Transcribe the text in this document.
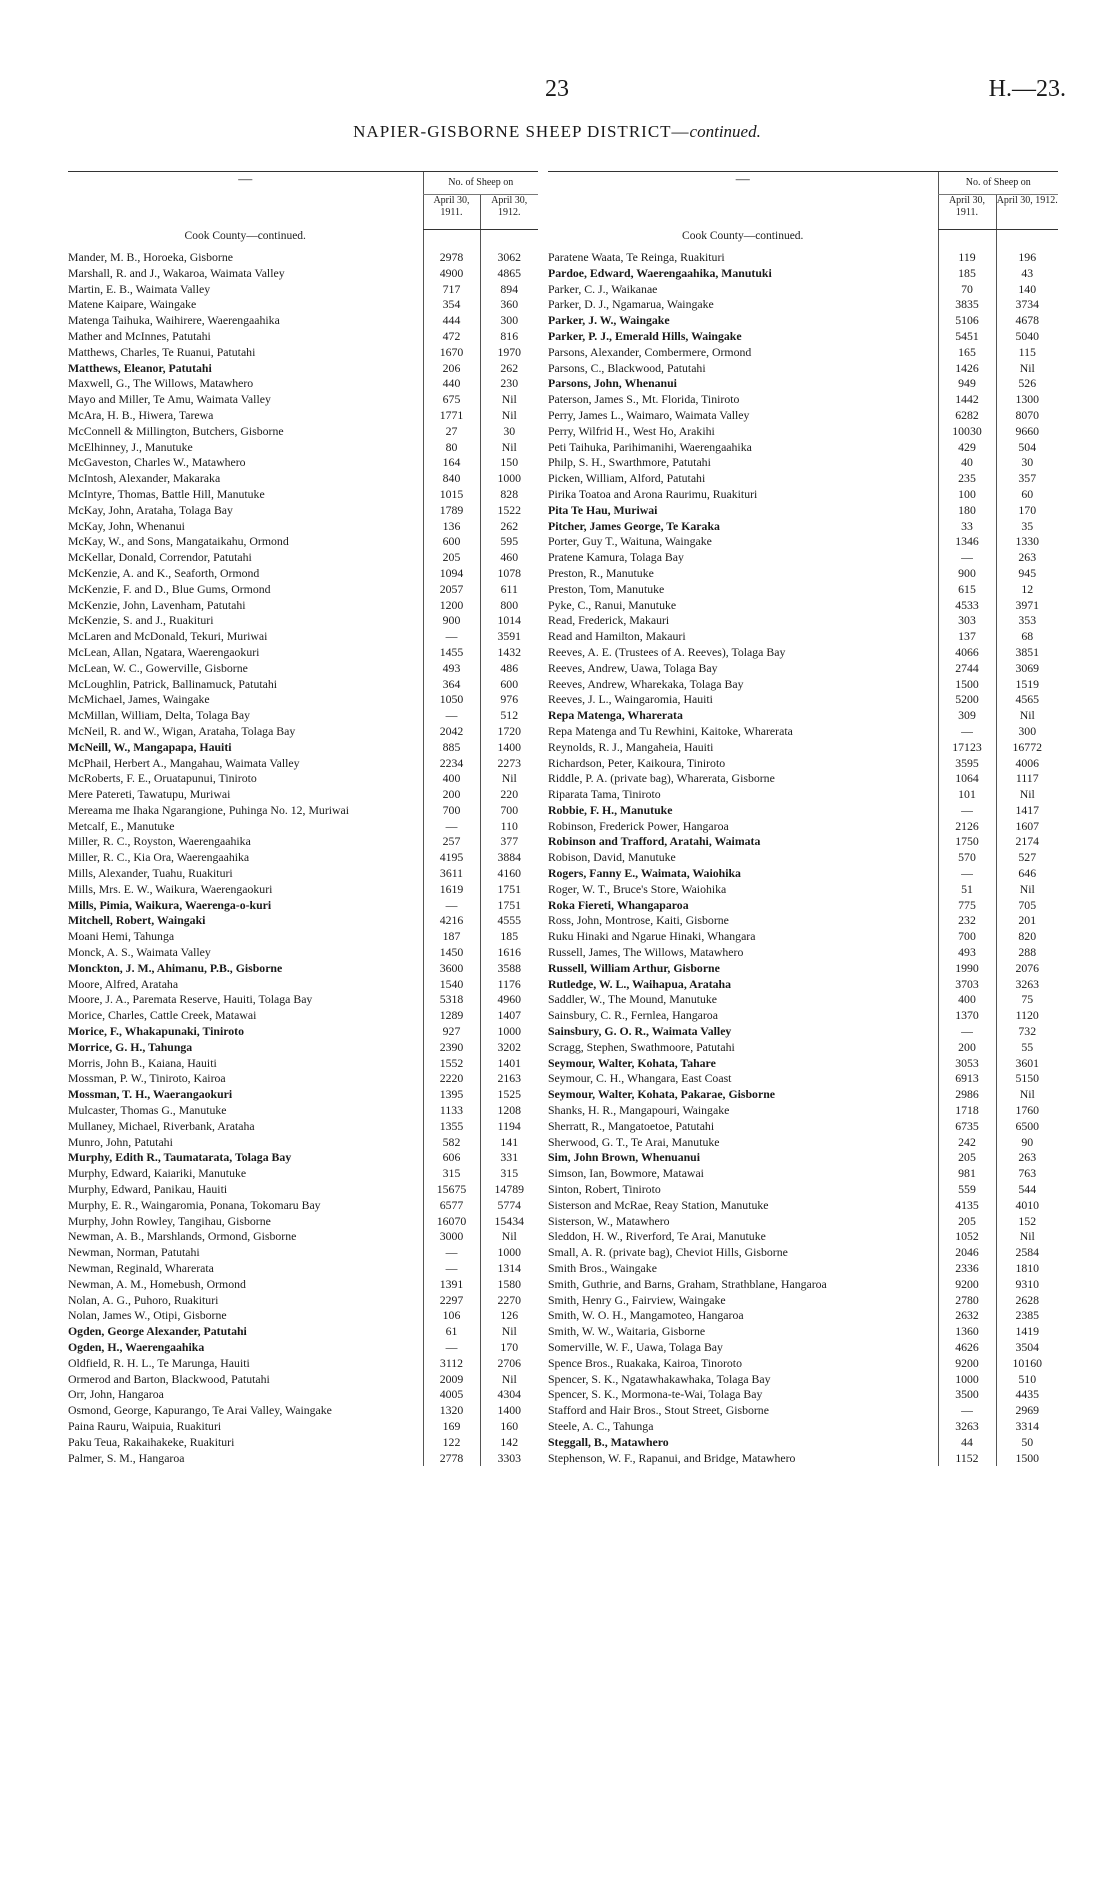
23	H.—23.
NAPIER-GISBORNE SHEEP DISTRICT—continued.
—	No. of Sheep on	
	April 30, 1911.	April 30, 1912.
Cook County—continued.		
Mander, M. B., Horoeka, Gisborne	2978	3062
Marshall, R. and J., Wakaroa, Waimata Valley	4900	4865
Martin, E. B., Waimata Valley	717	894
Matene Kaipare, Waingake	354	360
Matenga Taihuka, Waihirere, Waerengaahika	444	300
Mather and McInnes, Patutahi	472	816
Matthews, Charles, Te Ruanui, Patutahi	1670	1970
Matthews, Eleanor, Patutahi	206	262
Maxwell, G., The Willows, Matawhero	440	230
Mayo and Miller, Te Amu, Waimata Valley	675	Nil
McAra, H. B., Hiwera, Tarewa	1771	Nil
McConnell & Millington, Butchers, Gisborne	27	30
McElhinney, J., Manutuke	80	Nil
McGaveston, Charles W., Matawhero	164	150
McIntosh, Alexander, Makaraka	840	1000
McIntyre, Thomas, Battle Hill, Manutuke	1015	828
McKay, John, Arataha, Tolaga Bay	1789	1522
McKay, John, Whenanui	136	262
McKay, W., and Sons, Mangataikahu, Ormond	600	595
McKellar, Donald, Correndor, Patutahi	205	460
McKenzie, A. and K., Seaforth, Ormond	1094	1078
McKenzie, F. and D., Blue Gums, Ormond	2057	611
McKenzie, John, Lavenham, Patutahi	1200	800
McKenzie, S. and J., Ruakituri	900	1014
McLaren and McDonald, Tekuri, Muriwai	—	3591
McLean, Allan, Ngatara, Waerengaokuri	1455	1432
McLean, W. C., Gowerville, Gisborne	493	486
McLoughlin, Patrick, Ballinamuck, Patutahi	364	600
McMichael, James, Waingake	1050	976
McMillan, William, Delta, Tolaga Bay	—	512
McNeil, R. and W., Wigan, Arataha, Tolaga Bay	2042	1720
McNeill, W., Mangapapa, Hauiti	885	1400
McPhail, Herbert A., Mangahau, Waimata Valley	2234	2273
McRoberts, F. E., Oruatapunui, Tiniroto	400	Nil
Mere Patereti, Tawatupu, Muriwai	200	220
Mereama me Ihaka Ngarangione, Puhinga No. 12, Muriwai	700	700
Metcalf, E., Manutuke	—	110
Miller, R. C., Royston, Waerengaahika	257	377
Miller, R. C., Kia Ora, Waerengaahika	4195	3884
Mills, Alexander, Tuahu, Ruakituri	3611	4160
Mills, Mrs. E. W., Waikura, Waerengaokuri	1619	1751
Mills, Pimia, Waikura, Waerenga-o-kuri	—	1751
Mitchell, Robert, Waingaki	4216	4555
Moani Hemi, Tahunga	187	185
Monck, A. S., Waimata Valley	1450	1616
Monckton, J. M., Ahimanu, P.B., Gisborne	3600	3588
Moore, Alfred, Arataha	1540	1176
Moore, J. A., Paremata Reserve, Hauiti, Tolaga Bay	5318	4960
Morice, Charles, Cattle Creek, Matawai	1289	1407
Morice, F., Whakapunaki, Tiniroto	927	1000
Morrice, G. H., Tahunga	2390	3202
Morris, John B., Kaiana, Hauiti	1552	1401
Mossman, P. W., Tiniroto, Kairoa	2220	2163
Mossman, T. H., Waerangaokuri	1395	1525
Mulcaster, Thomas G., Manutuke	1133	1208
Mullaney, Michael, Riverbank, Arataha	1355	1194
Munro, John, Patutahi	582	141
Murphy, Edith R., Taumatarata, Tolaga Bay	606	331
Murphy, Edward, Kaiariki, Manutuke	315	315
Murphy, Edward, Panikau, Hauiti	15675	14789
Murphy, E. R., Waingaromia, Ponana, Tokomaru Bay	6577	5774
Murphy, John Rowley, Tangihau, Gisborne	16070	15434
Newman, A. B., Marshlands, Ormond, Gisborne	3000	Nil
Newman, Norman, Patutahi	—	1000
Newman, Reginald, Wharerata	—	1314
Newman, A. M., Homebush, Ormond	1391	1580
Nolan, A. G., Puhoro, Ruakituri	2297	2270
Nolan, James W., Otipi, Gisborne	106	126
Ogden, George Alexander, Patutahi	61	Nil
Ogden, H., Waerengaahika	—	170
Oldfield, R. H. L., Te Marunga, Hauiti	3112	2706
Ormerod and Barton, Blackwood, Patutahi	2009	Nil
Orr, John, Hangaroa	4005	4304
Osmond, George, Kapurango, Te Arai Valley, Waingake	1320	1400
Paina Rauru, Waipuia, Ruakituri	169	160
Paku Teua, Rakaihakeke, Ruakituri	122	142
Palmer, S. M., Hangaroa	2778	3303
—	No. of Sheep on	
	April 30, 1911.	April 30, 1912.
Cook County—continued.		
Paratene Waata, Te Reinga, Ruakituri	119	196
Pardoe, Edward, Waerengaahika, Manutuki	185	43
Parker, C. J., Waikanae	70	140
Parker, D. J., Ngamarua, Waingake	3835	3734
Parker, J. W., Waingake	5106	4678
Parker, P. J., Emerald Hills, Waingake	5451	5040
Parsons, Alexander, Combermere, Ormond	165	115
Parsons, C., Blackwood, Patutahi	1426	Nil
Parsons, John, Whenanui	949	526
Paterson, James S., Mt. Florida, Tiniroto	1442	1300
Perry, James L., Waimaro, Waimata Valley	6282	8070
Perry, Wilfrid H., West Ho, Arakihi	10030	9660
Peti Taihuka, Parihimanihi, Waerengaahika	429	504
Philp, S. H., Swarthmore, Patutahi	40	30
Picken, William, Alford, Patutahi	235	357
Pirika Toatoa and Arona Raurimu, Ruakituri	100	60
Pita Te Hau, Muriwai	180	170
Pitcher, James George, Te Karaka	33	35
Porter, Guy T., Waituna, Waingake	1346	1330
Pratene Kamura, Tolaga Bay	—	263
Preston, R., Manutuke	900	945
Preston, Tom, Manutuke	615	12
Pyke, C., Ranui, Manutuke	4533	3971
Read, Frederick, Makauri	303	353
Read and Hamilton, Makauri	137	68
Reeves, A. E. (Trustees of A. Reeves), Tolaga Bay	4066	3851
Reeves, Andrew, Uawa, Tolaga Bay	2744	3069
Reeves, Andrew, Wharekaka, Tolaga Bay	1500	1519
Reeves, J. L., Waingaromia, Hauiti	5200	4565
Repa Matenga, Wharerata	309	Nil
Repa Matenga and Tu Rewhini, Kaitoke, Wharerata	—	300
Reynolds, R. J., Mangaheia, Hauiti	17123	16772
Richardson, Peter, Kaikoura, Tiniroto	3595	4006
Riddle, P. A. (private bag), Wharerata, Gisborne	1064	1117
Riparata Tama, Tiniroto	101	Nil
Robbie, F. H., Manutuke	—	1417
Robinson, Frederick Power, Hangaroa	2126	1607
Robinson and Trafford, Aratahi, Waimata	1750	2174
Robison, David, Manutuke	570	527
Rogers, Fanny E., Waimata, Waiohika	—	646
Roger, W. T., Bruce's Store, Waiohika	51	Nil
Roka Fiereti, Whangaparoa	775	705
Ross, John, Montrose, Kaiti, Gisborne	232	201
Ruku Hinaki and Ngarue Hinaki, Whangara	700	820
Russell, James, The Willows, Matawhero	493	288
Russell, William Arthur, Gisborne	1990	2076
Rutledge, W. L., Waihapua, Arataha	3703	3263
Saddler, W., The Mound, Manutuke	400	75
Sainsbury, C. R., Fernlea, Hangaroa	1370	1120
Sainsbury, G. O. R., Waimata Valley	—	732
Scragg, Stephen, Swathmoore, Patutahi	200	55
Seymour, Walter, Kohata, Tahare	3053	3601
Seymour, C. H., Whangara, East Coast	6913	5150
Seymour, Walter, Kohata, Pakarae, Gisborne	2986	Nil
Shanks, H. R., Mangapouri, Waingake	1718	1760
Sherratt, R., Mangatoetoe, Patutahi	6735	6500
Sherwood, G. T., Te Arai, Manutuke	242	90
Sim, John Brown, Whenuanui	205	263
Simson, Ian, Bowmore, Matawai	981	763
Sinton, Robert, Tiniroto	559	544
Sisterson and McRae, Reay Station, Manutuke	4135	4010
Sisterson, W., Matawhero	205	152
Sleddon, H. W., Riverford, Te Arai, Manutuke	1052	Nil
Small, A. R. (private bag), Cheviot Hills, Gisborne	2046	2584
Smith Bros., Waingake	2336	1810
Smith, Guthrie, and Barns, Graham, Strathblane, Hangaroa	9200	9310
Smith, Henry G., Fairview, Waingake	2780	2628
Smith, W. O. H., Mangamoteo, Hangaroa	2632	2385
Smith, W. W., Waitaria, Gisborne	1360	1419
Somerville, W. F., Uawa, Tolaga Bay	4626	3504
Spence Bros., Ruakaka, Kairoa, Tinoroto	9200	10160
Spencer, S. K., Ngatawhakawhaka, Tolaga Bay	1000	510
Spencer, S. K., Mormona-te-Wai, Tolaga Bay	3500	4435
Stafford and Hair Bros., Stout Street, Gisborne	—	2969
Steele, A. C., Tahunga	3263	3314
Steggall, B., Matawhero	44	50
Stephenson, W. F., Rapanui, and Bridge, Matawhero	1152	1500
